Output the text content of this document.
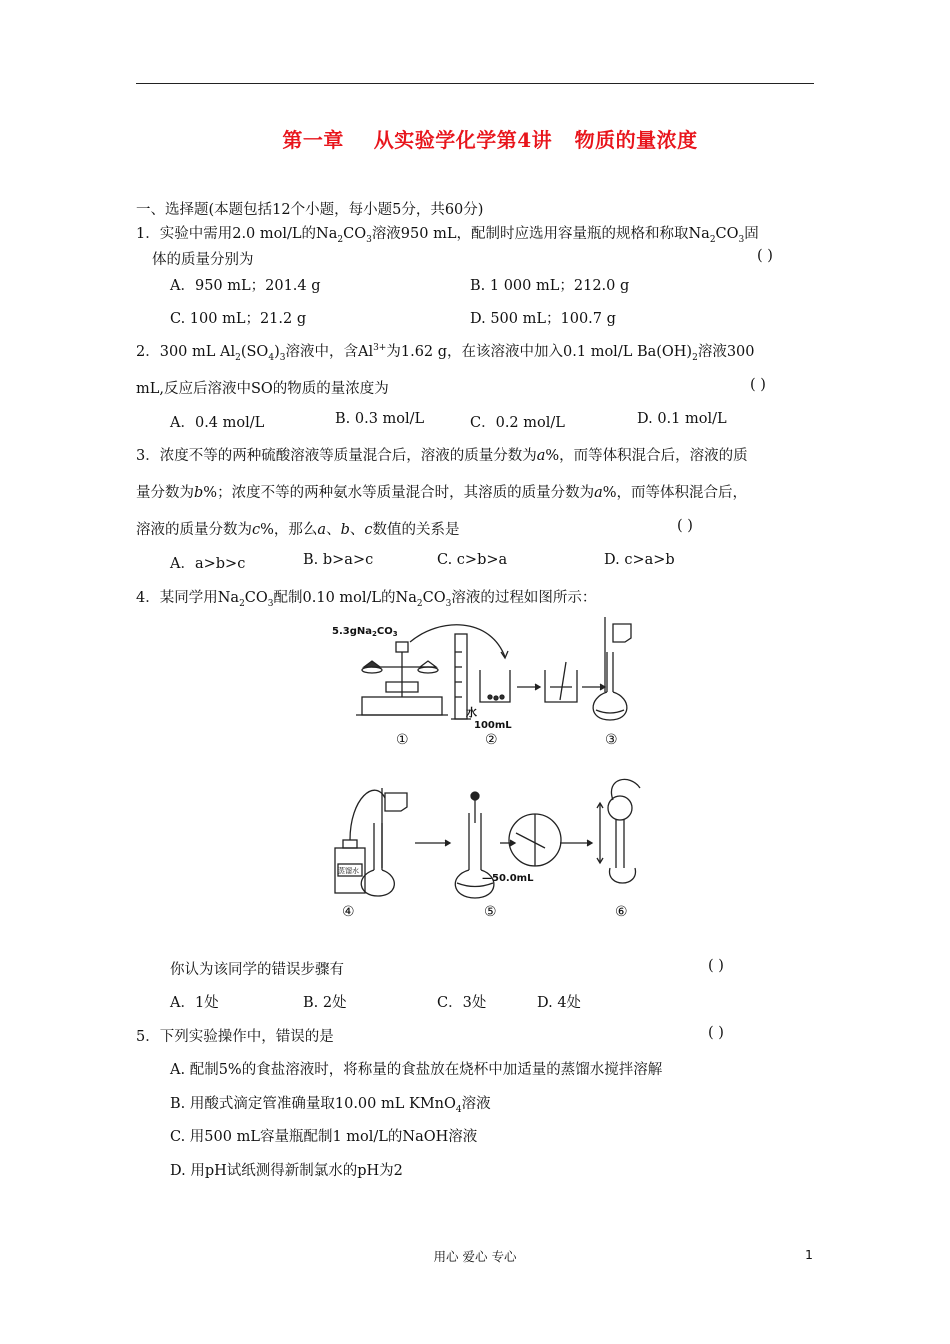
第一章 从实验学化学第4讲 物质的量浓度
一、选择题(本题包括12个小题，每小题5分，共60分)
1．实验中需用2.0 mol/L的$Na_2CO_3$溶液950 mL，配制时应选用容量瓶的规格和称取$Na_2CO_3$固
体的质量分别为	( )
A．950 mL；201.4 g	B. 1 000 mL；212.0 g
C. 100 mL；21.2 g	D. 500 mL；100.7 g
2．300 mL $Al_2(SO_4)_3$溶液中，含$Al^{3+}$为1.62 g，在该溶液中加入0.1 mol/L $Ba(OH)_2$溶液300
mL,反应后溶液中SO的物质的量浓度为	( )
A．0.4 mol/L	B. 0.3 mol/L	C．0.2 mol/L	D. 0.1 mol/L
3．浓度不等的两种硫酸溶液等质量混合后，溶液的质量分数为a%，而等体积混合后，溶液的质
量分数为b%；浓度不等的两种氨水等质量混合时，其溶质的质量分数为a%，而等体积混合后，
溶液的质量分数为c%，那么a、b、c数值的关系是	( )
A．a>b>c	B. b>a>c	C. c>b>a	D. c>a>b
4．某同学用$Na_2CO_3$配制0.10 mol/L的$Na_2CO_3$溶液的过程如图所示：
$5.3gNa_2CO_3$
水
100mL
①	②	③
蒸馏水
—50.0mL
④	⑤	⑥
你认为该同学的错误步骤有	( )
A．1处	B. 2处	C．3处	D. 4处
5．下列实验操作中，错误的是	( )
A. 配制5%的食盐溶液时，将称量的食盐放在烧杯中加适量的蒸馏水搅拌溶解
B. 用酸式滴定管准确量取10.00 mL KMnO$_4$溶液
C. 用500 mL容量瓶配制1 mol/L的NaOH溶液
D. 用pH试纸测得新制氯水的pH为2
用心 爱心 专心	1
